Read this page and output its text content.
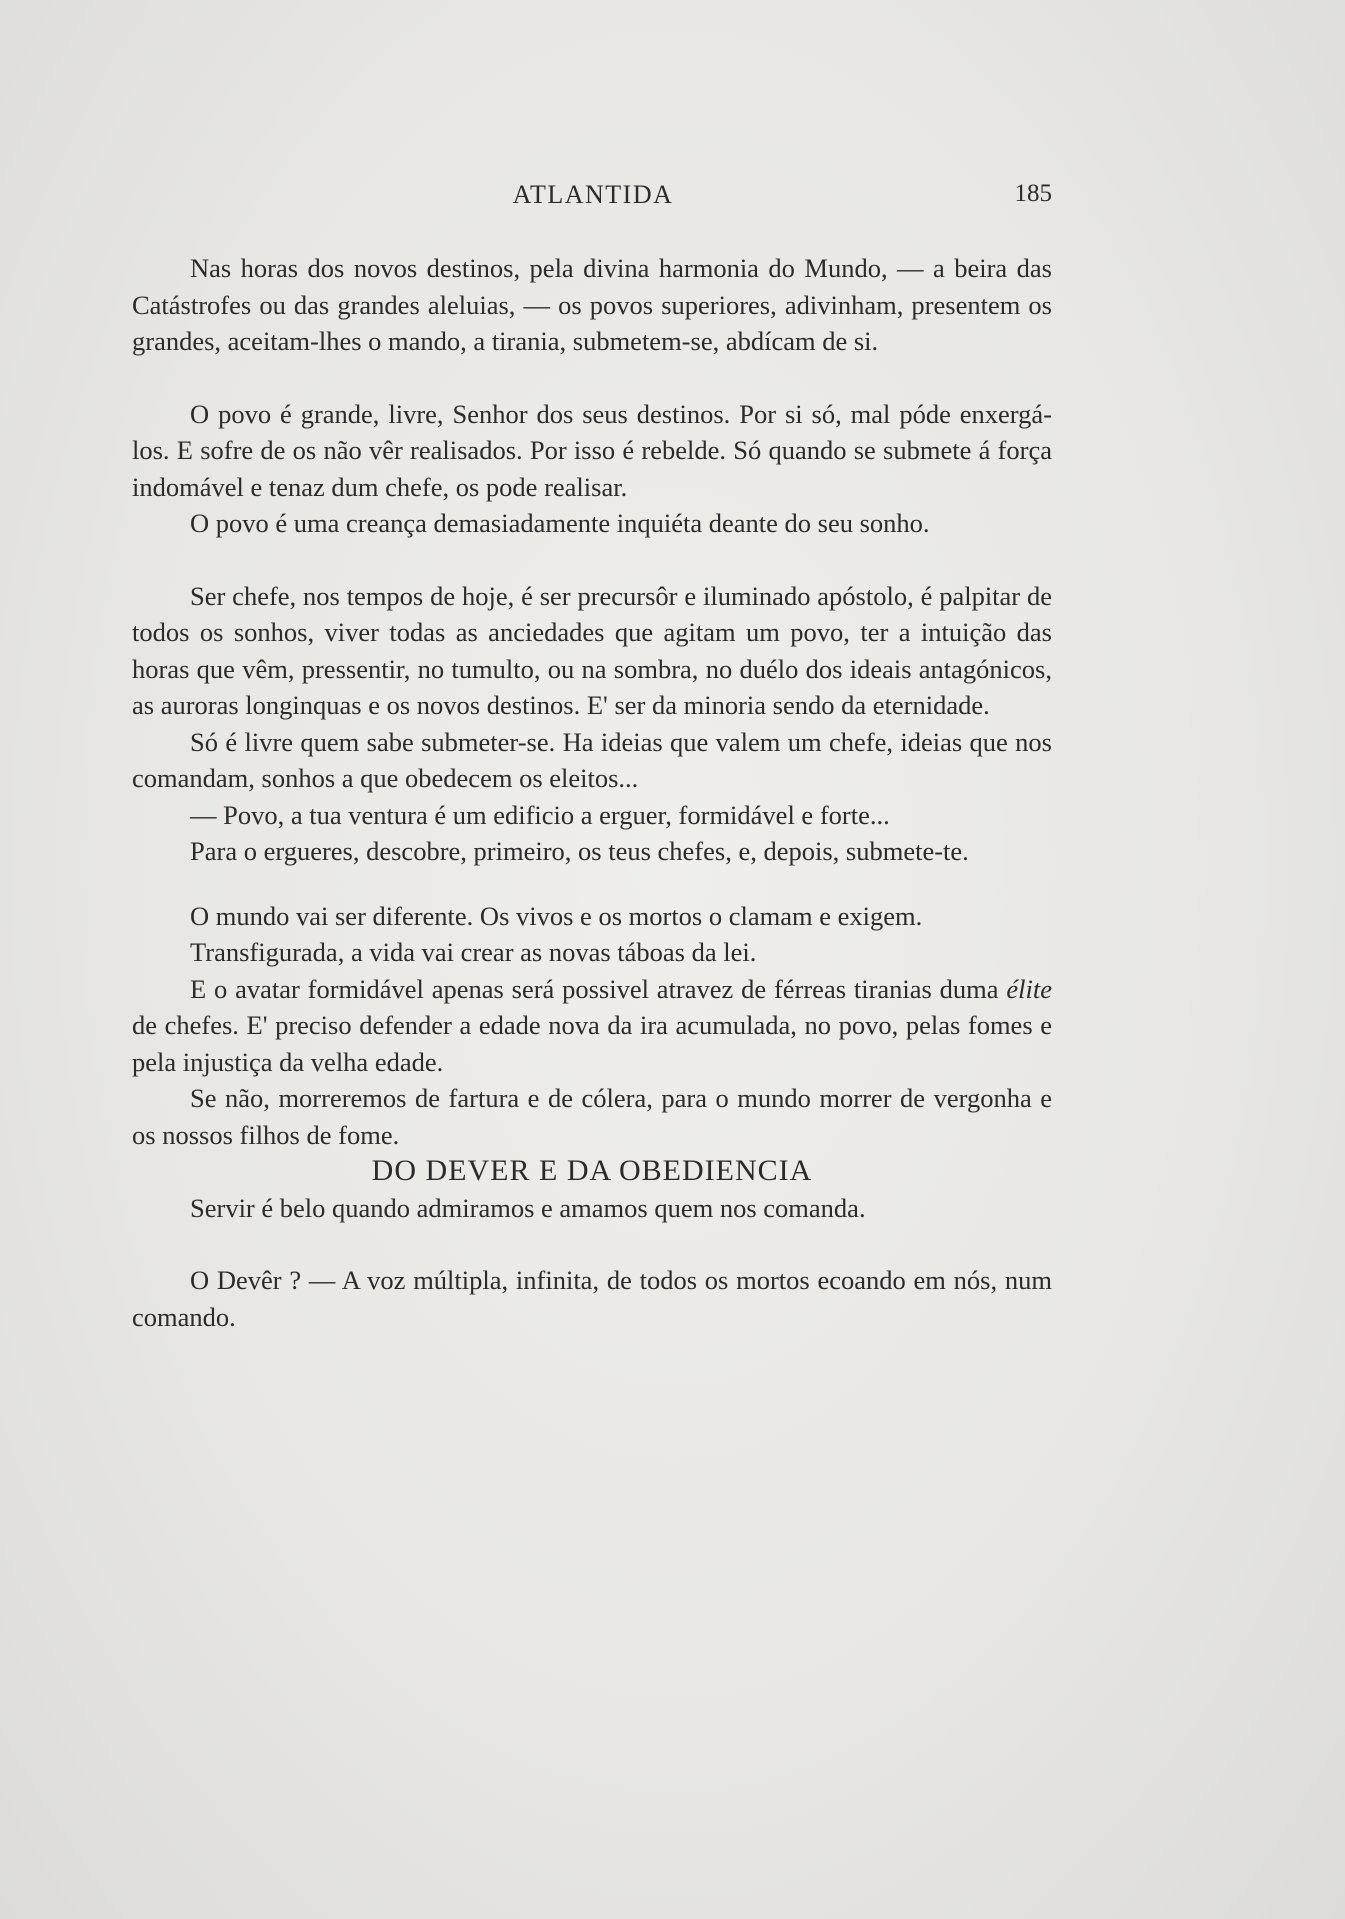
ATLANTIDA	185

Nas horas dos novos destinos, pela divina harmonia do Mundo, — a beira das Catástrofes ou das grandes aleluias, — os povos superiores, adivinham, presentem os grandes, aceitam-lhes o mando, a tirania, submetem-se, abdícam de si.

O povo é grande, livre, Senhor dos seus destinos. Por si só, mal póde enxergá-los. E sofre de os não vêr realisados. Por isso é rebelde. Só quando se submete á força indomável e tenaz dum chefe, os pode realisar.

O povo é uma creança demasiadamente inquiéta deante do seu sonho.

Ser chefe, nos tempos de hoje, é ser precursôr e iluminado apóstolo, é palpitar de todos os sonhos, viver todas as anciedades que agitam um povo, ter a intuição das horas que vêm, pressentir, no tumulto, ou na sombra, no duélo dos ideais antagónicos, as auroras longinquas e os novos destinos. E' ser da minoria sendo da eternidade.

Só é livre quem sabe submeter-se. Ha ideias que valem um chefe, ideias que nos comandam, sonhos a que obedecem os eleitos...

— Povo, a tua ventura é um edificio a erguer, formidável e forte...

Para o ergueres, descobre, primeiro, os teus chefes, e, depois, submete-te.

O mundo vai ser diferente. Os vivos e os mortos o clamam e exigem.

Transfigurada, a vida vai crear as novas táboas da lei.

E o avatar formidável apenas será possivel atravez de férreas tiranias duma élite de chefes. E' preciso defender a edade nova da ira acumulada, no povo, pelas fomes e pela injustiça da velha edade.

Se não, morreremos de fartura e de cólera, para o mundo morrer de vergonha e os nossos filhos de fome.

DO DEVER E DA OBEDIENCIA

Servir é belo quando admiramos e amamos quem nos comanda.

O Devêr ? — A voz múltipla, infinita, de todos os mortos ecoando em nós, num comando.
